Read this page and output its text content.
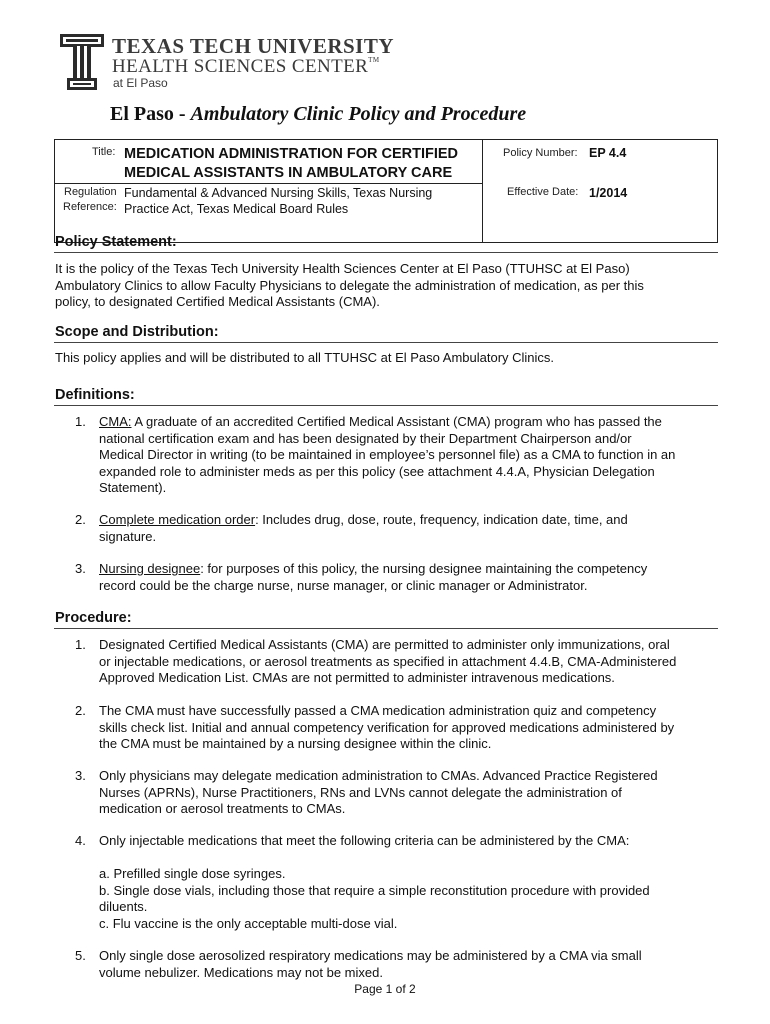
TEXAS TECH UNIVERSITY
HEALTH SCIENCES CENTER™
at El Paso
El Paso - Ambulatory Clinic Policy and Procedure
Title: MEDICATION ADMINISTRATION FOR CERTIFIED
MEDICAL ASSISTANTS IN AMBULATORY CARE
Regulation
Reference:
Fundamental & Advanced Nursing Skills, Texas Nursing
Practice Act, Texas Medical Board Rules
Policy Number: EP 4.4
Effective Date: 1/2014
Policy Statement:
It is the policy of the Texas Tech University Health Sciences Center at El Paso (TTUHSC at El Paso)
Ambulatory Clinics to allow Faculty Physicians to delegate the administration of medication, as per this
policy, to designated Certified Medical Assistants (CMA).
Scope and Distribution:
This policy applies and will be distributed to all TTUHSC at El Paso Ambulatory Clinics.
Definitions:
1. CMA: A graduate of an accredited Certified Medical Assistant (CMA) program who has passed the
national certification exam and has been designated by their Department Chairperson and/or
Medical Director in writing (to be maintained in employee’s personnel file) as a CMA to function in an
expanded role to administer meds as per this policy (see attachment 4.4.A, Physician Delegation
Statement).
2. Complete medication order: Includes drug, dose, route, frequency, indication date, time, and
signature.
3. Nursing designee: for purposes of this policy, the nursing designee maintaining the competency
record could be the charge nurse, nurse manager, or clinic manager or Administrator.
Procedure:
1. Designated Certified Medical Assistants (CMA) are permitted to administer only immunizations, oral
or injectable medications, or aerosol treatments as specified in attachment 4.4.B, CMA-Administered
Approved Medication List. CMAs are not permitted to administer intravenous medications.
2. The CMA must have successfully passed a CMA medication administration quiz and competency
skills check list. Initial and annual competency verification for approved medications administered by
the CMA must be maintained by a nursing designee within the clinic.
3. Only physicians may delegate medication administration to CMAs. Advanced Practice Registered
Nurses (APRNs), Nurse Practitioners, RNs and LVNs cannot delegate the administration of
medication or aerosol treatments to CMAs.
4. Only injectable medications that meet the following criteria can be administered by the CMA:
a. Prefilled single dose syringes.
b. Single dose vials, including those that require a simple reconstitution procedure with provided
diluents.
c. Flu vaccine is the only acceptable multi-dose vial.
5. Only single dose aerosolized respiratory medications may be administered by a CMA via small
volume nebulizer. Medications may not be mixed.
Page 1 of 2
